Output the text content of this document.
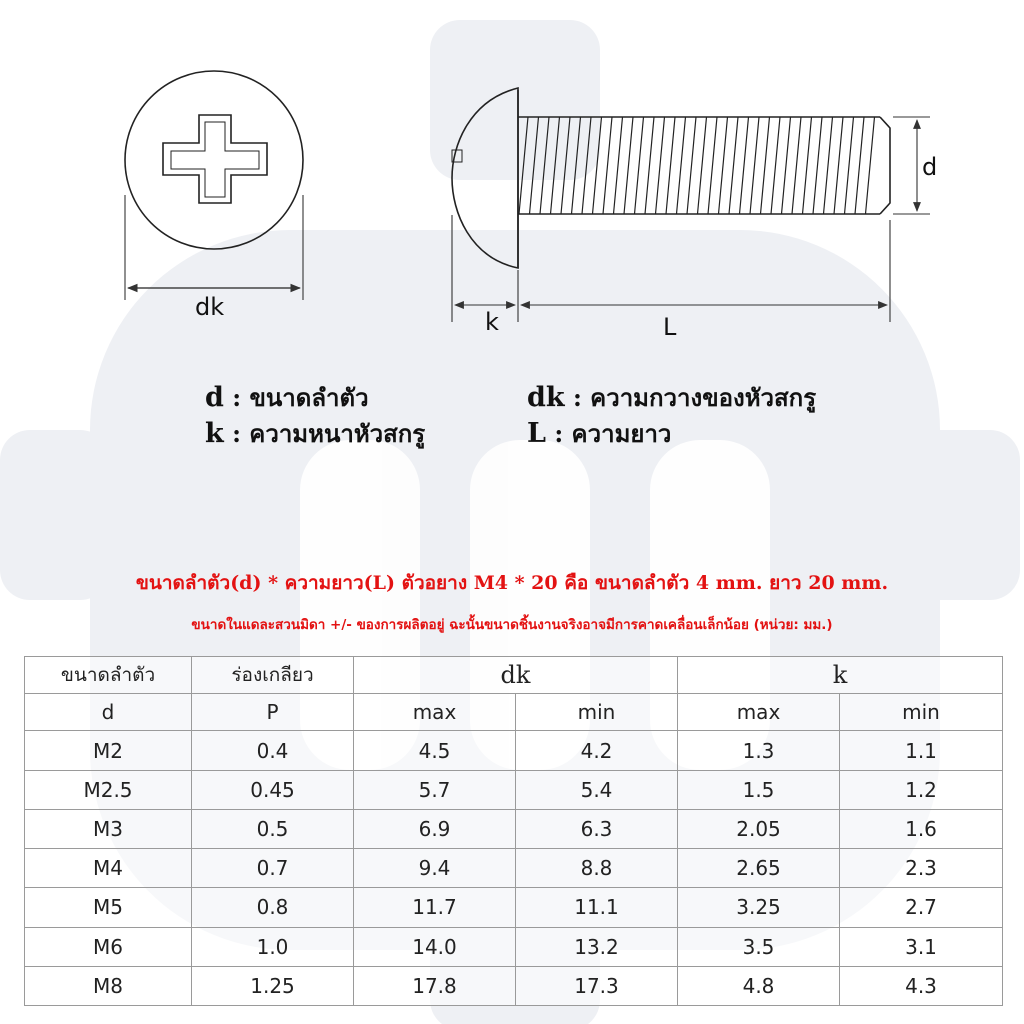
dk
k	L
d
d : ขนาดลำตัว	dk : ความกวางของหัวสกรู
k : ความหนาหัวสกรู	L : ความยาว
ขนาดลำตัว(d) * ความยาว(L) ตัวอยาง M4 * 20 คือ ขนาดลำตัว 4 mm. ยาว 20 mm.
ขนาดในแดละสวนมิดา +/- ของการผลิตอยู่ ฉะนั้นขนาดชิ้นงานจริงอาจมีการคาดเคลื่อนเล็กน้อย (หน่วย: มม.)
ขนาดลำตัว	ร่องเกลียว	dk		k	
d	P	max	min	max	min
M2	0.4	4.5	4.2	1.3	1.1
M2.5	0.45	5.7	5.4	1.5	1.2
M3	0.5	6.9	6.3	2.05	1.6
M4	0.7	9.4	8.8	2.65	2.3
M5	0.8	11.7	11.1	3.25	2.7
M6	1.0	14.0	13.2	3.5	3.1
M8	1.25	17.8	17.3	4.8	4.3
